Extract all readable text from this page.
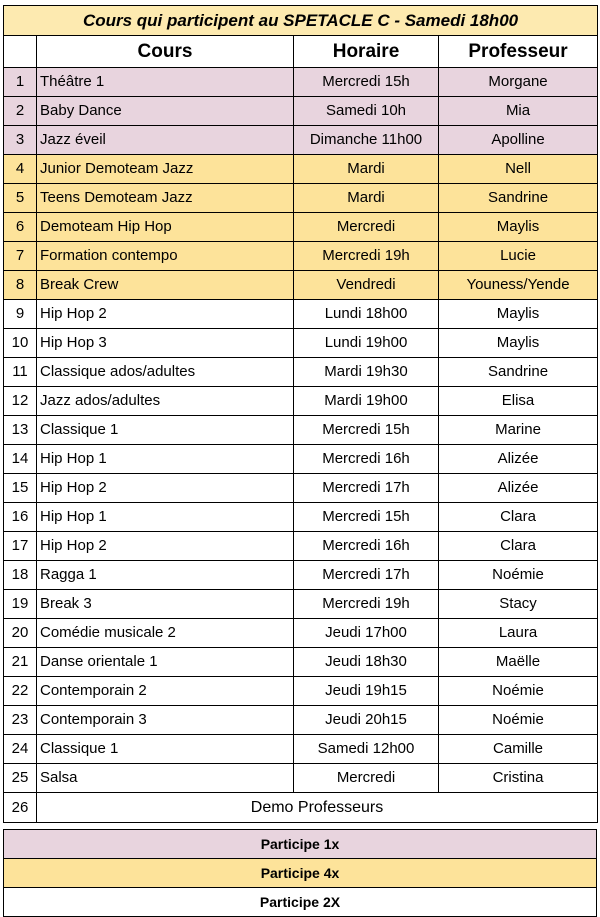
Cours qui participent au SPETACLE C - Samedi 18h00			
	Cours	Horaire	Professeur
1	Théâtre 1	Mercredi 15h	Morgane
2	Baby Dance	Samedi 10h	Mia
3	Jazz éveil	Dimanche 11h00	Apolline
4	Junior Demoteam Jazz	Mardi	Nell
5	Teens Demoteam Jazz	Mardi	Sandrine
6	Demoteam Hip Hop	Mercredi	Maylis
7	Formation contempo	Mercredi 19h	Lucie
8	Break Crew	Vendredi	Youness/Yende
9	Hip Hop 2	Lundi 18h00	Maylis
10	Hip Hop 3	Lundi 19h00	Maylis
11	Classique ados/adultes	Mardi 19h30	Sandrine
12	Jazz ados/adultes	Mardi 19h00	Elisa
13	Classique 1	Mercredi 15h	Marine
14	Hip Hop 1	Mercredi 16h	Alizée
15	Hip Hop 2	Mercredi 17h	Alizée
16	Hip Hop 1	Mercredi 15h	Clara
17	Hip Hop 2	Mercredi 16h	Clara
18	Ragga 1	Mercredi 17h	Noémie
19	Break 3	Mercredi 19h	Stacy
20	Comédie musicale 2	Jeudi 17h00	Laura
21	Danse orientale 1	Jeudi 18h30	Maëlle
22	Contemporain 2	Jeudi 19h15	Noémie
23	Contemporain 3	Jeudi 20h15	Noémie
24	Classique 1	Samedi 12h00	Camille
25	Salsa	Mercredi	Cristina
26	Demo Professeurs		
Participe 1x
Participe 4x
Participe 2X
